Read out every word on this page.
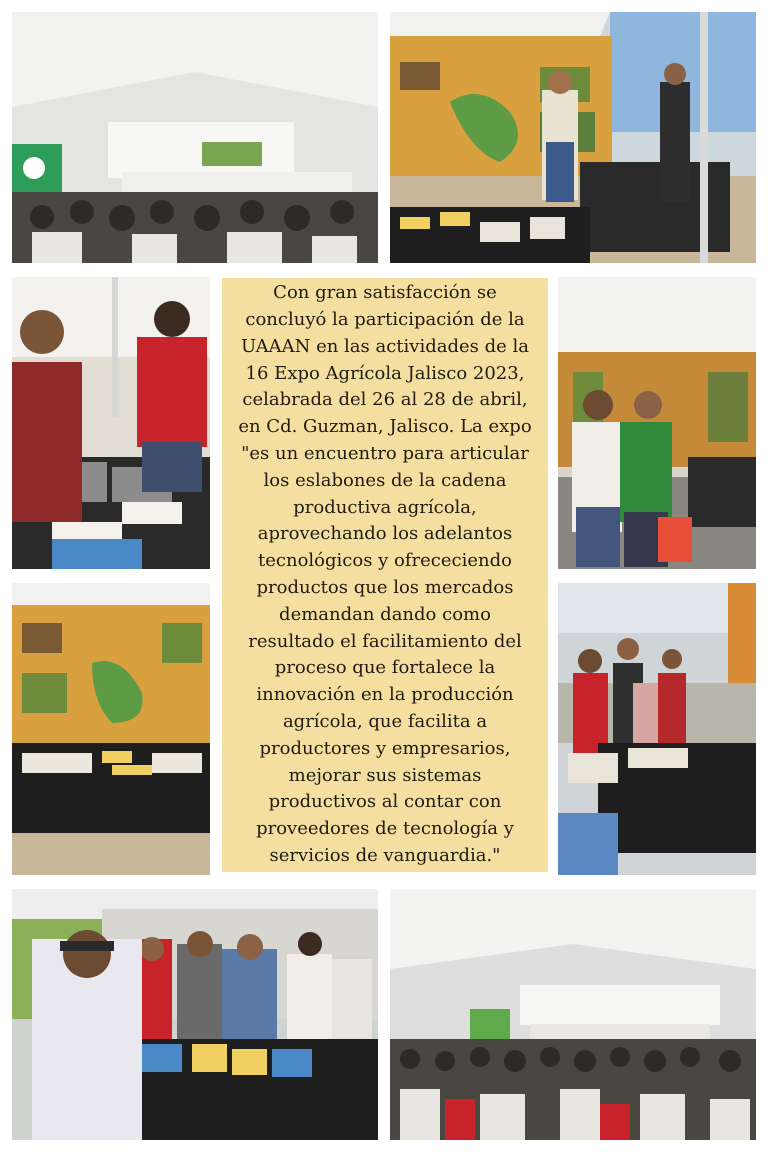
Con gran satisfacción se
concluyó la participación de la
UAAAN en las actividades de la
16 Expo Agrícola Jalisco 2023,
celabrada del 26 al 28 de abril,
en Cd. Guzman, Jalisco. La expo
"es un encuentro para articular
los eslabones de la cadena
productiva agrícola,
aprovechando los adelantos
tecnológicos y ofrececiendo
productos que los mercados
demandan dando como
resultado el facilitamiento del
proceso que fortalece la
innovación en la producción
agrícola, que facilita a
productores y empresarios,
mejorar sus sistemas
productivos al contar con
proveedores de tecnología y
servicios de vanguardia."
